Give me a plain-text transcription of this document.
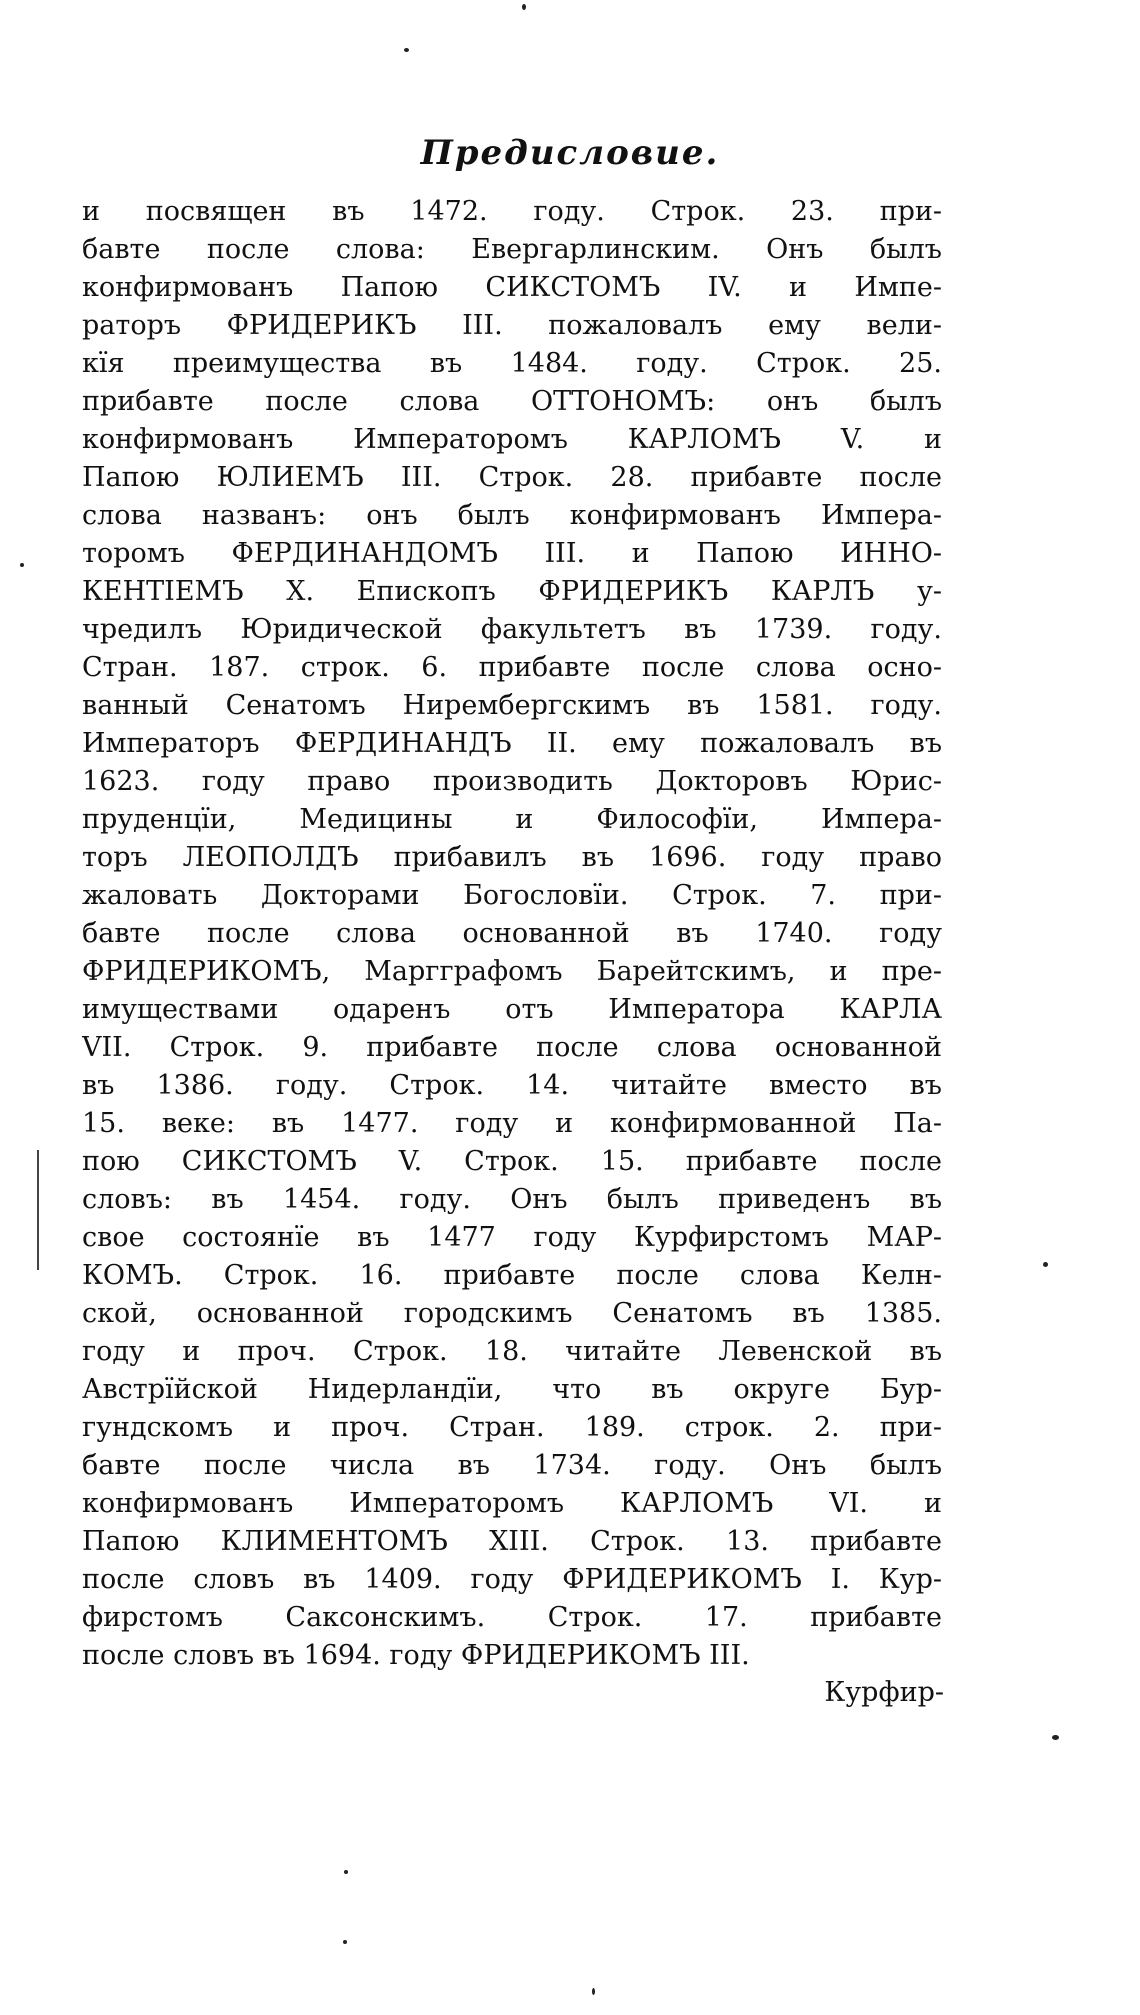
Предисловие.
и посвящен въ 1472. году. Строк. 23. при-
бавте после слова: Евергарлинским. Онъ былъ
конфирмованъ Папою СИКСТОМЪ IV. и Импе-
раторъ ФРИДЕРИКЪ III. пожаловалъ ему вели-
кїя преимущества въ 1484. году. Строк. 25.
прибавте после слова ОТТОНОМЪ: онъ былъ
конфирмованъ Императоромъ КАРЛОМЪ V. и
Папою ЮЛИЕМЪ III. Строк. 28. прибавте после
слова названъ: онъ былъ конфирмованъ Импера-
торомъ ФЕРДИНАНДОМЪ III. и Папою ИННО-
КЕНТIЕМЪ X. Епископъ ФРИДЕРИКЪ КАРЛЪ у-
чредилъ Юридической факультетъ въ 1739. году.
Стран. 187. строк. 6. прибавте после слова осно-
ванный Сенатомъ Нирембергскимъ въ 1581. году.
Императоръ ФЕРДИНАНДЪ II. ему пожаловалъ въ
1623. году право производить Докторовъ Юрис-
пруденцїи, Медицины и Философїи, Импера-
торъ ЛЕОПОЛДЪ прибавилъ въ 1696. году право
жаловать Докторами Богословїи. Строк. 7. при-
бавте после слова основанной въ 1740. году
ФРИДЕРИКОМЪ, Маргграфомъ Барейтскимъ, и пре-
имуществами одаренъ отъ Императора КАРЛА
VII. Строк. 9. прибавте после слова основанной
въ 1386. году. Строк. 14. читайте вместо въ
15. веке: въ 1477. году и конфирмованной Па-
пою СИКСТОМЪ V. Строк. 15. прибавте после
словъ: въ 1454. году. Онъ былъ приведенъ въ
свое состоянїе въ 1477 году Курфирстомъ МАР-
КОМЪ. Строк. 16. прибавте после слова Келн-
ской, основанной городскимъ Сенатомъ въ 1385.
году и проч. Строк. 18. читайте Левенской въ
Австрїйской Нидерландїи, что въ округе Бур-
гундскомъ и проч. Стран. 189. строк. 2. при-
бавте после числа въ 1734. году. Онъ былъ
конфирмованъ Императоромъ КАРЛОМЪ VI. и
Папою КЛИМЕНТОМЪ XIII. Строк. 13. прибавте
после словъ въ 1409. году ФРИДЕРИКОМЪ I. Кур-
фирстомъ Саксонскимъ. Строк. 17. прибавте
после словъ въ 1694. году ФРИДЕРИКОМЪ III.
Курфир-
